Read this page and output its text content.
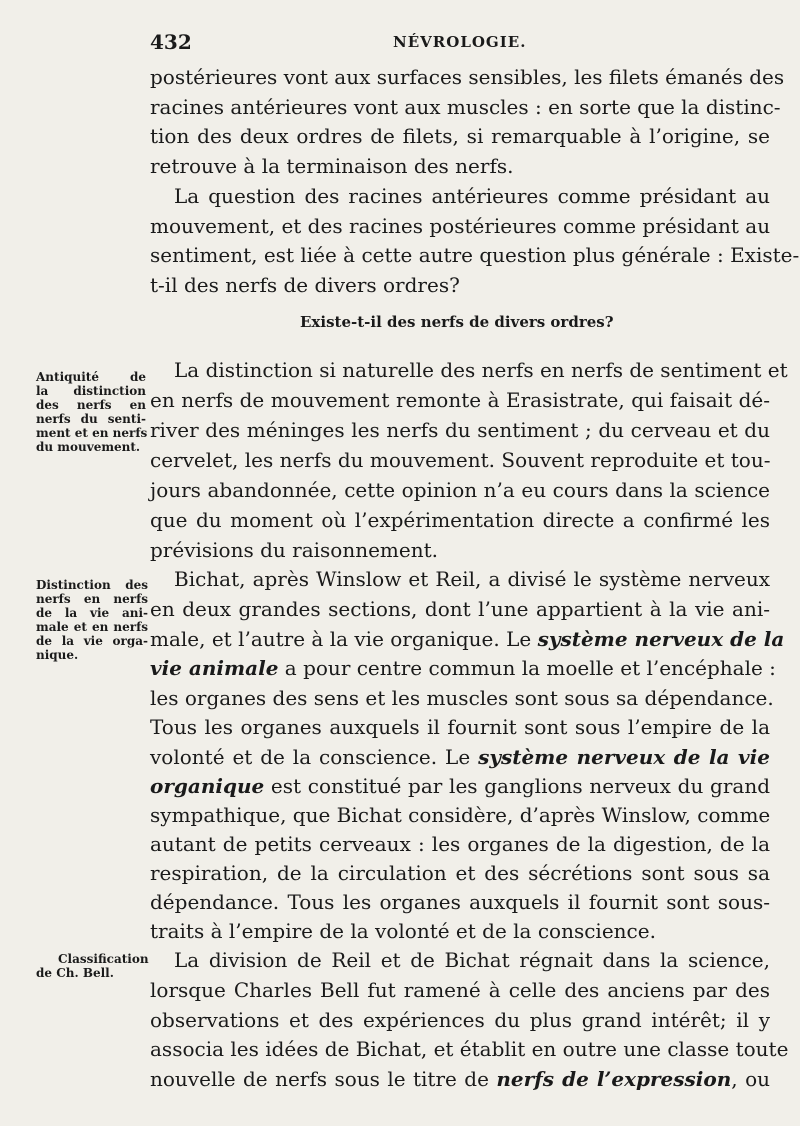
432	NÉVROLOGIE.
postérieures vont aux surfaces sensibles, les filets émanés des
racines antérieures vont aux muscles : en sorte que la distinc-
tion des deux ordres de filets, si remarquable à l’origine, se
retrouve à la terminaison des nerfs.
La question des racines antérieures comme présidant au
mouvement, et des racines postérieures comme présidant au
sentiment, est liée à cette autre question plus générale : Existe-
t-il des nerfs de divers ordres?
La distinction si naturelle des nerfs en nerfs de sentiment et
en nerfs de mouvement remonte à Erasistrate, qui faisait dé-
river des méninges les nerfs du sentiment ; du cerveau et du
cervelet, les nerfs du mouvement. Souvent reproduite et tou-
jours abandonnée, cette opinion n’a eu cours dans la science
que du moment où l’expérimentation directe a confirmé les
prévisions du raisonnement.
Bichat, après Winslow et Reil, a divisé le système nerveux
en deux grandes sections, dont l’une appartient à la vie ani-
male, et l’autre à la vie organique. Le système nerveux de la
vie animale a pour centre commun la moelle et l’encéphale :
les organes des sens et les muscles sont sous sa dépendance.
Tous les organes auxquels il fournit sont sous l’empire de la
volonté et de la conscience. Le système nerveux de la vie
organique est constitué par les ganglions nerveux du grand
sympathique, que Bichat considère, d’après Winslow, comme
autant de petits cerveaux : les organes de la digestion, de la
respiration, de la circulation et des sécrétions sont sous sa
dépendance. Tous les organes auxquels il fournit sont sous-
traits à l’empire de la volonté et de la conscience.
La division de Reil et de Bichat régnait dans la science,
lorsque Charles Bell fut ramené à celle des anciens par des
observations et des expériences du plus grand intérêt; il y
associa les idées de Bichat, et établit en outre une classe toute
nouvelle de nerfs sous le titre de nerfs de l’expression, ou
Existe-t-il des nerfs de divers ordres?
Antiquité de
la distinction
des nerfs en
nerfs du senti-
ment et en nerfs
du mouvement.
Distinction des
nerfs en nerfs
de la vie ani-
male et en nerfs
de la vie orga-
nique.
Classification
de Ch. Bell.
